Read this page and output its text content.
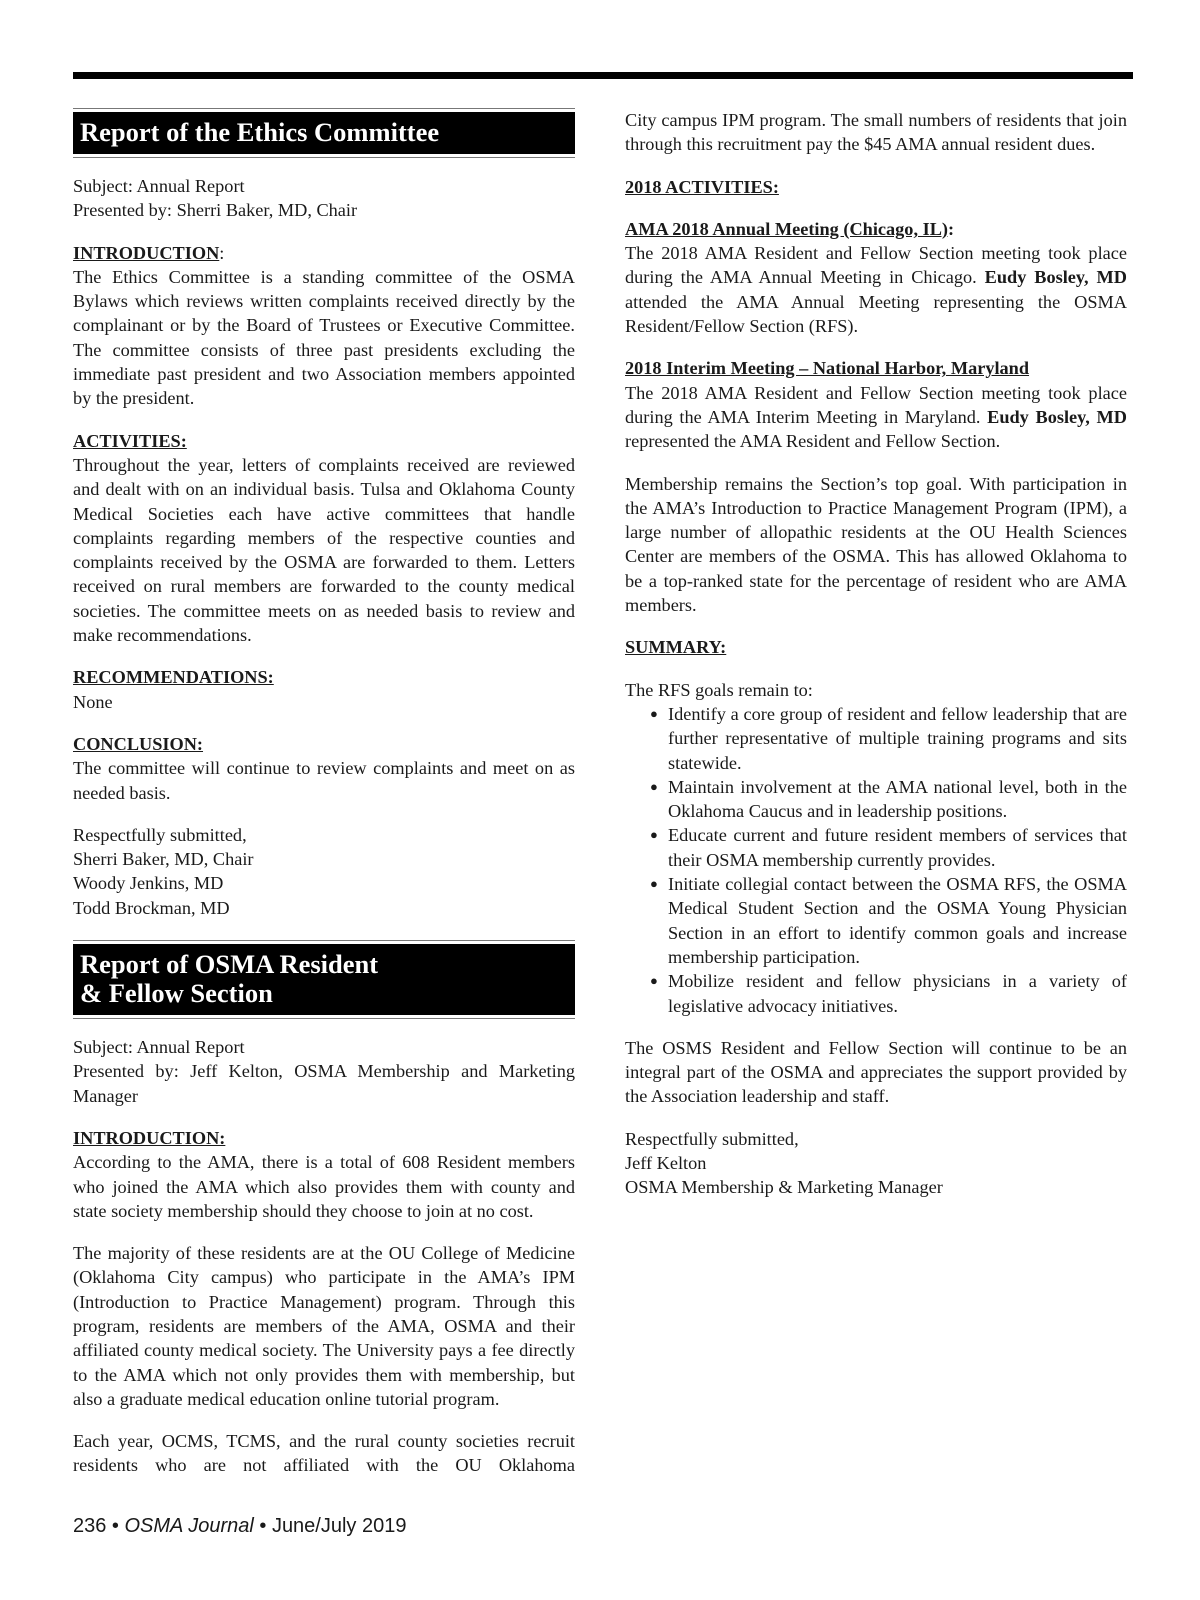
Report of the Ethics Committee
Subject: Annual Report
Presented by: Sherri Baker, MD, Chair
INTRODUCTION:

The Ethics Committee is a standing committee of the OSMA Bylaws which reviews written complaints received directly by the complainant or by the Board of Trustees or Executive Committee. The committee consists of three past presidents excluding the immediate past president and two Association members appointed by the president.

ACTIVITIES:

Throughout the year, letters of complaints received are reviewed and dealt with on an individual basis. Tulsa and Oklahoma County Medical Societies each have active committees that handle complaints regarding members of the respective counties and complaints received by the OSMA are forwarded to them. Letters received on rural members are forwarded to the county medical societies. The committee meets on as needed basis to review and make recommendations.

RECOMMENDATIONS:

None

CONCLUSION:

The committee will continue to review complaints and meet on as needed basis.

Respectfully submitted,
Sherri Baker, MD, Chair
Woody Jenkins, MD
Todd Brockman, MD
Report of OSMA Resident
& Fellow Section
Subject: Annual Report
Presented by: Jeff Kelton, OSMA Membership and Marketing Manager
INTRODUCTION:

According to the AMA, there is a total of 608 Resident members who joined the AMA which also provides them with county and state society membership should they choose to join at no cost.

The majority of these residents are at the OU College of Medicine (Oklahoma City campus) who participate in the AMA’s IPM (Introduction to Practice Management) program. Through this program, residents are members of the AMA, OSMA and their affiliated county medical society. The University pays a fee directly to the AMA which not only provides them with membership, but also a graduate medical education online tutorial program.

Each year, OCMS, TCMS, and the rural county societies recruit residents who are not affiliated with the OU Oklahoma

City campus IPM program. The small numbers of residents that join through this recruitment pay the $45 AMA annual resident dues.

2018 ACTIVITIES:
AMA 2018 Annual Meeting (Chicago, IL):

The 2018 AMA Resident and Fellow Section meeting took place during the AMA Annual Meeting in Chicago. Eudy Bosley, MD attended the AMA Annual Meeting representing the OSMA Resident/Fellow Section (RFS).

2018 Interim Meeting – National Harbor, Maryland

The 2018 AMA Resident and Fellow Section meeting took place during the AMA Interim Meeting in Maryland. Eudy Bosley, MD represented the AMA Resident and Fellow Section.

Membership remains the Section’s top goal. With participation in the AMA’s Introduction to Practice Management Program (IPM), a large number of allopathic residents at the OU Health Sciences Center are members of the OSMA. This has allowed Oklahoma to be a top-ranked state for the percentage of resident who are AMA members.

SUMMARY:
The RFS goals remain to:
● Identify a core group of resident and fellow leadership that are further representative of multiple training programs and sits statewide.
● Maintain involvement at the AMA national level, both in the Oklahoma Caucus and in leadership positions.
● Educate current and future resident members of services that their OSMA membership currently provides.
● Initiate collegial contact between the OSMA RFS, the OSMA Medical Student Section and the OSMA Young Physician Section in an effort to identify common goals and increase membership participation.
● Mobilize resident and fellow physicians in a variety of legislative advocacy initiatives.

The OSMS Resident and Fellow Section will continue to be an integral part of the OSMA and appreciates the support provided by the Association leadership and staff.

Respectfully submitted,
Jeff Kelton
OSMA Membership & Marketing Manager
236 • OSMA Journal • June/July 2019
